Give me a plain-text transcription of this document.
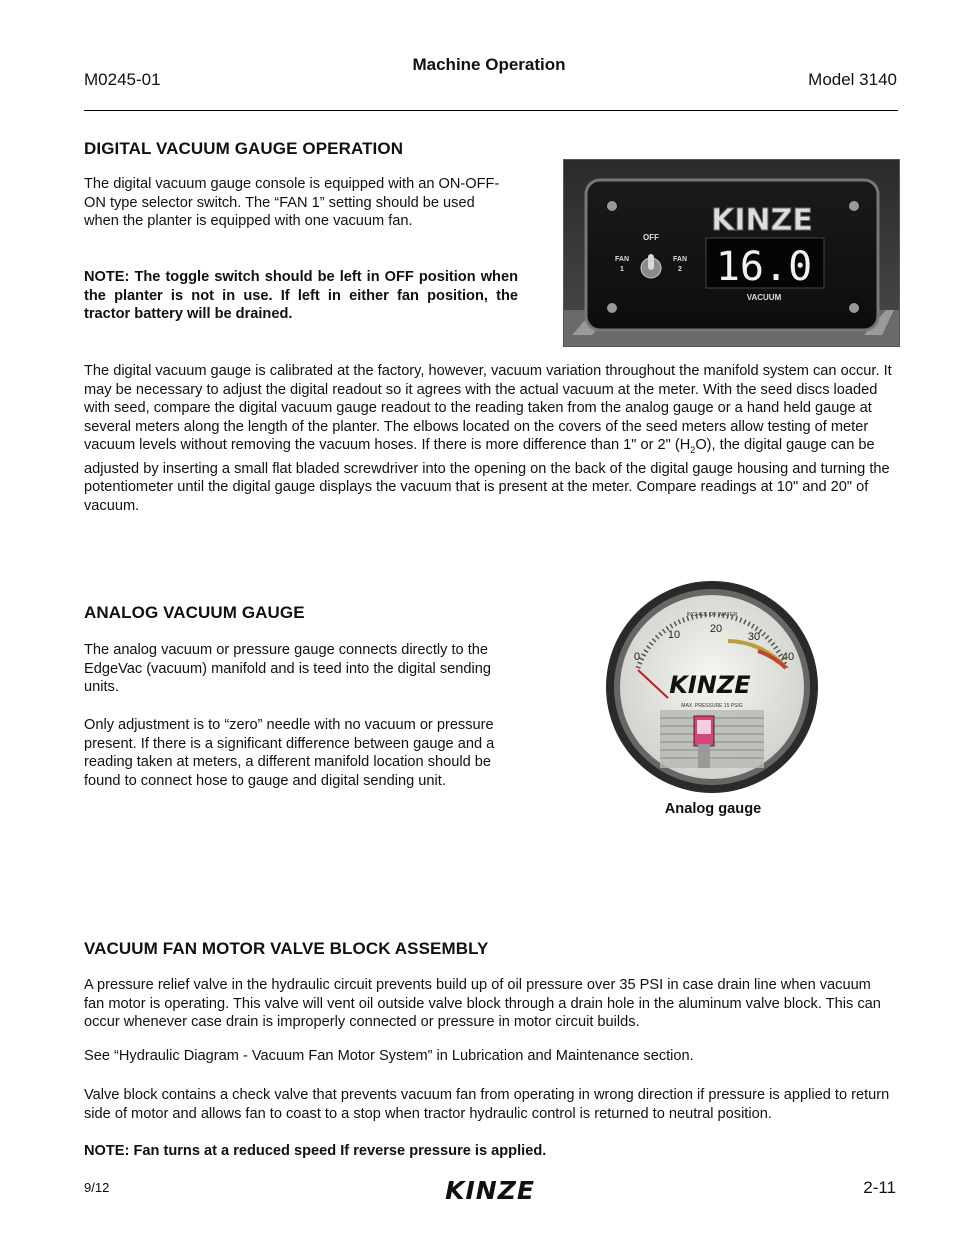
M0245-01
Machine Operation
Model 3140
DIGITAL VACUUM GAUGE OPERATION

The digital vacuum gauge console is equipped with an ON-OFF-ON type selector switch. The “FAN 1” setting should be used when the planter is equipped with one vacuum fan.

NOTE: The toggle switch should be left in OFF position when the planter is not in use. If left in either fan position, the tractor battery will be drained.

KINZE
16.0
VACUUM
OFF
FAN
1
FAN
2

The digital vacuum gauge is calibrated at the factory, however, vacuum variation throughout the manifold system can occur. It may be necessary to adjust the digital readout so it agrees with the actual vacuum at the meter. With the seed discs loaded with seed, compare the digital vacuum gauge readout to the reading taken from the analog gauge or a hand held gauge at several meters along the length of the planter. The elbows located on the covers of the seed meters allow testing of meter vacuum levels without removing the vacuum hoses. If there is more difference than 1" or 2" $(H_2O)$, the digital gauge can be adjusted by inserting a small flat bladed screwdriver into the opening on the back of the digital gauge housing and turning the potentiometer until the digital gauge displays the vacuum that is present at the meter. Compare readings at 10" and 20" of vacuum.

ANALOG VACUUM GAUGE

The analog vacuum or pressure gauge connects directly to the EdgeVac (vacuum) manifold and is teed into the digital sending units.

Only adjustment is to “zero” needle with no vacuum or pressure present. If there is a significant difference between gauge and a reading taken at meters, a different manifold location should be found to connect hose to gauge and digital sending unit.

INCHES OF WATER
0
10	20
30
40
KINZE
MAX. PRESSURE 15 PSIG
Analog gauge
VACUUM FAN MOTOR VALVE BLOCK ASSEMBLY

A pressure relief valve in the hydraulic circuit prevents build up of oil pressure over 35 PSI in case drain line when vacuum fan motor is operating. This valve will vent oil outside valve block through a drain hole in the aluminum valve block. This can occur whenever case drain is improperly connected or pressure in motor circuit builds.

See “Hydraulic Diagram - Vacuum Fan Motor System” in Lubrication and Maintenance section.

Valve block contains a check valve that prevents vacuum fan from operating in wrong direction if pressure is applied to return side of motor and allows fan to coast to a stop when tractor hydraulic control is returned to neutral position.

NOTE: Fan turns at a reduced speed If reverse pressure is applied.

9/12	KINZE	2-11
